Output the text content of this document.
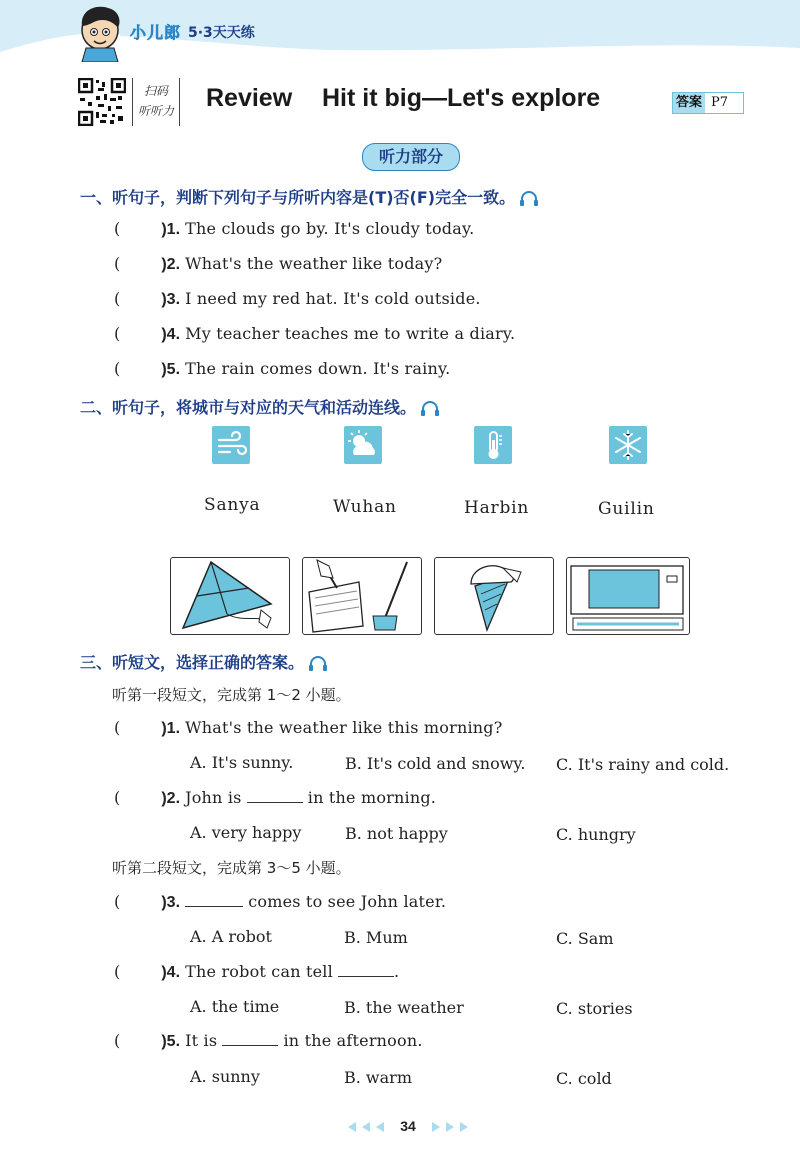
小儿郎 5·3天天练
扫码
听听力 Review Hit it big—Let's explore	答案 P7
听力部分
一、听句子，判断下列句子与所听内容是(T)否(F)完全一致。
(	)1. The clouds go by. It's cloudy today.
(	)2. What's the weather like today?
(	)3. I need my red hat. It's cold outside.
(	)4. My teacher teaches me to write a diary.
(	)5. The rain comes down. It's rainy.
二、听句子，将城市与对应的天气和活动连线。
Sanya	Wuhan	Harbin	Guilin
三、听短文，选择正确的答案。
听第一段短文，完成第 1～2 小题。
(	)1. What's the weather like this morning?
A. It's sunny.	B. It's cold and snowy. C. It's rainy and cold.
(	)2. John is	in the morning.
A. very happy	B. not happy	C. hungry
听第二段短文，完成第 3～5 小题。
(	)3.	comes to see John later.
A. A robot	B. Mum	C. Sam
(	)4. The robot can tell	.
A. the time	B. the weather	C. stories
(	)5. It is	in the afternoon.
A. sunny	B. warm	C. cold
34
